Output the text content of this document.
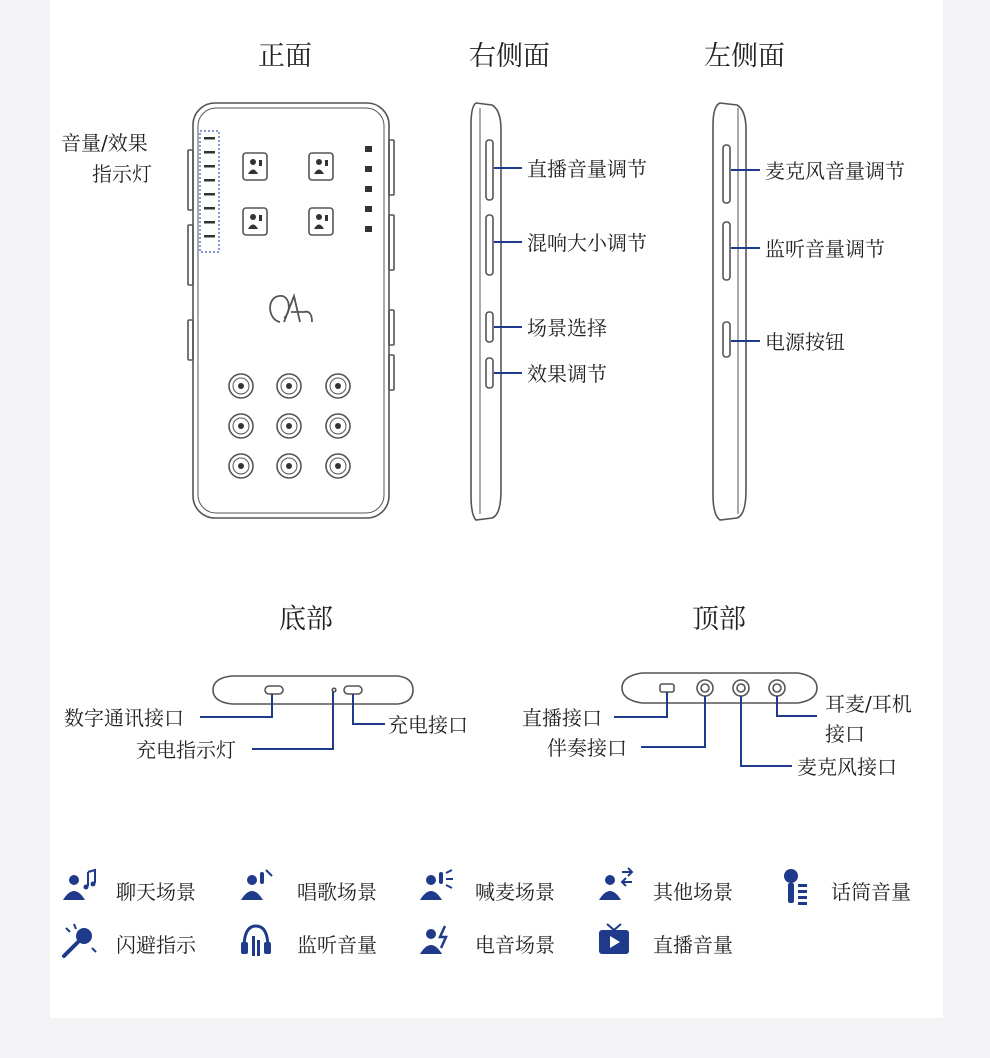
正面	右侧面	左侧面
底部	顶部
音量/效果
指示灯	直播音量调节
混响大小调节
场景选择
效果调节
麦克风音量调节
监听音量调节
电源按钮
数字通讯接口
充电指示灯
充电接口	直播接口
伴奏接口
耳麦/耳机
接口
麦克风接口
聊天场景	唱歌场景	喊麦场景	其他场景	话筒音量
闪避指示	监听音量	电音场景	直播音量
